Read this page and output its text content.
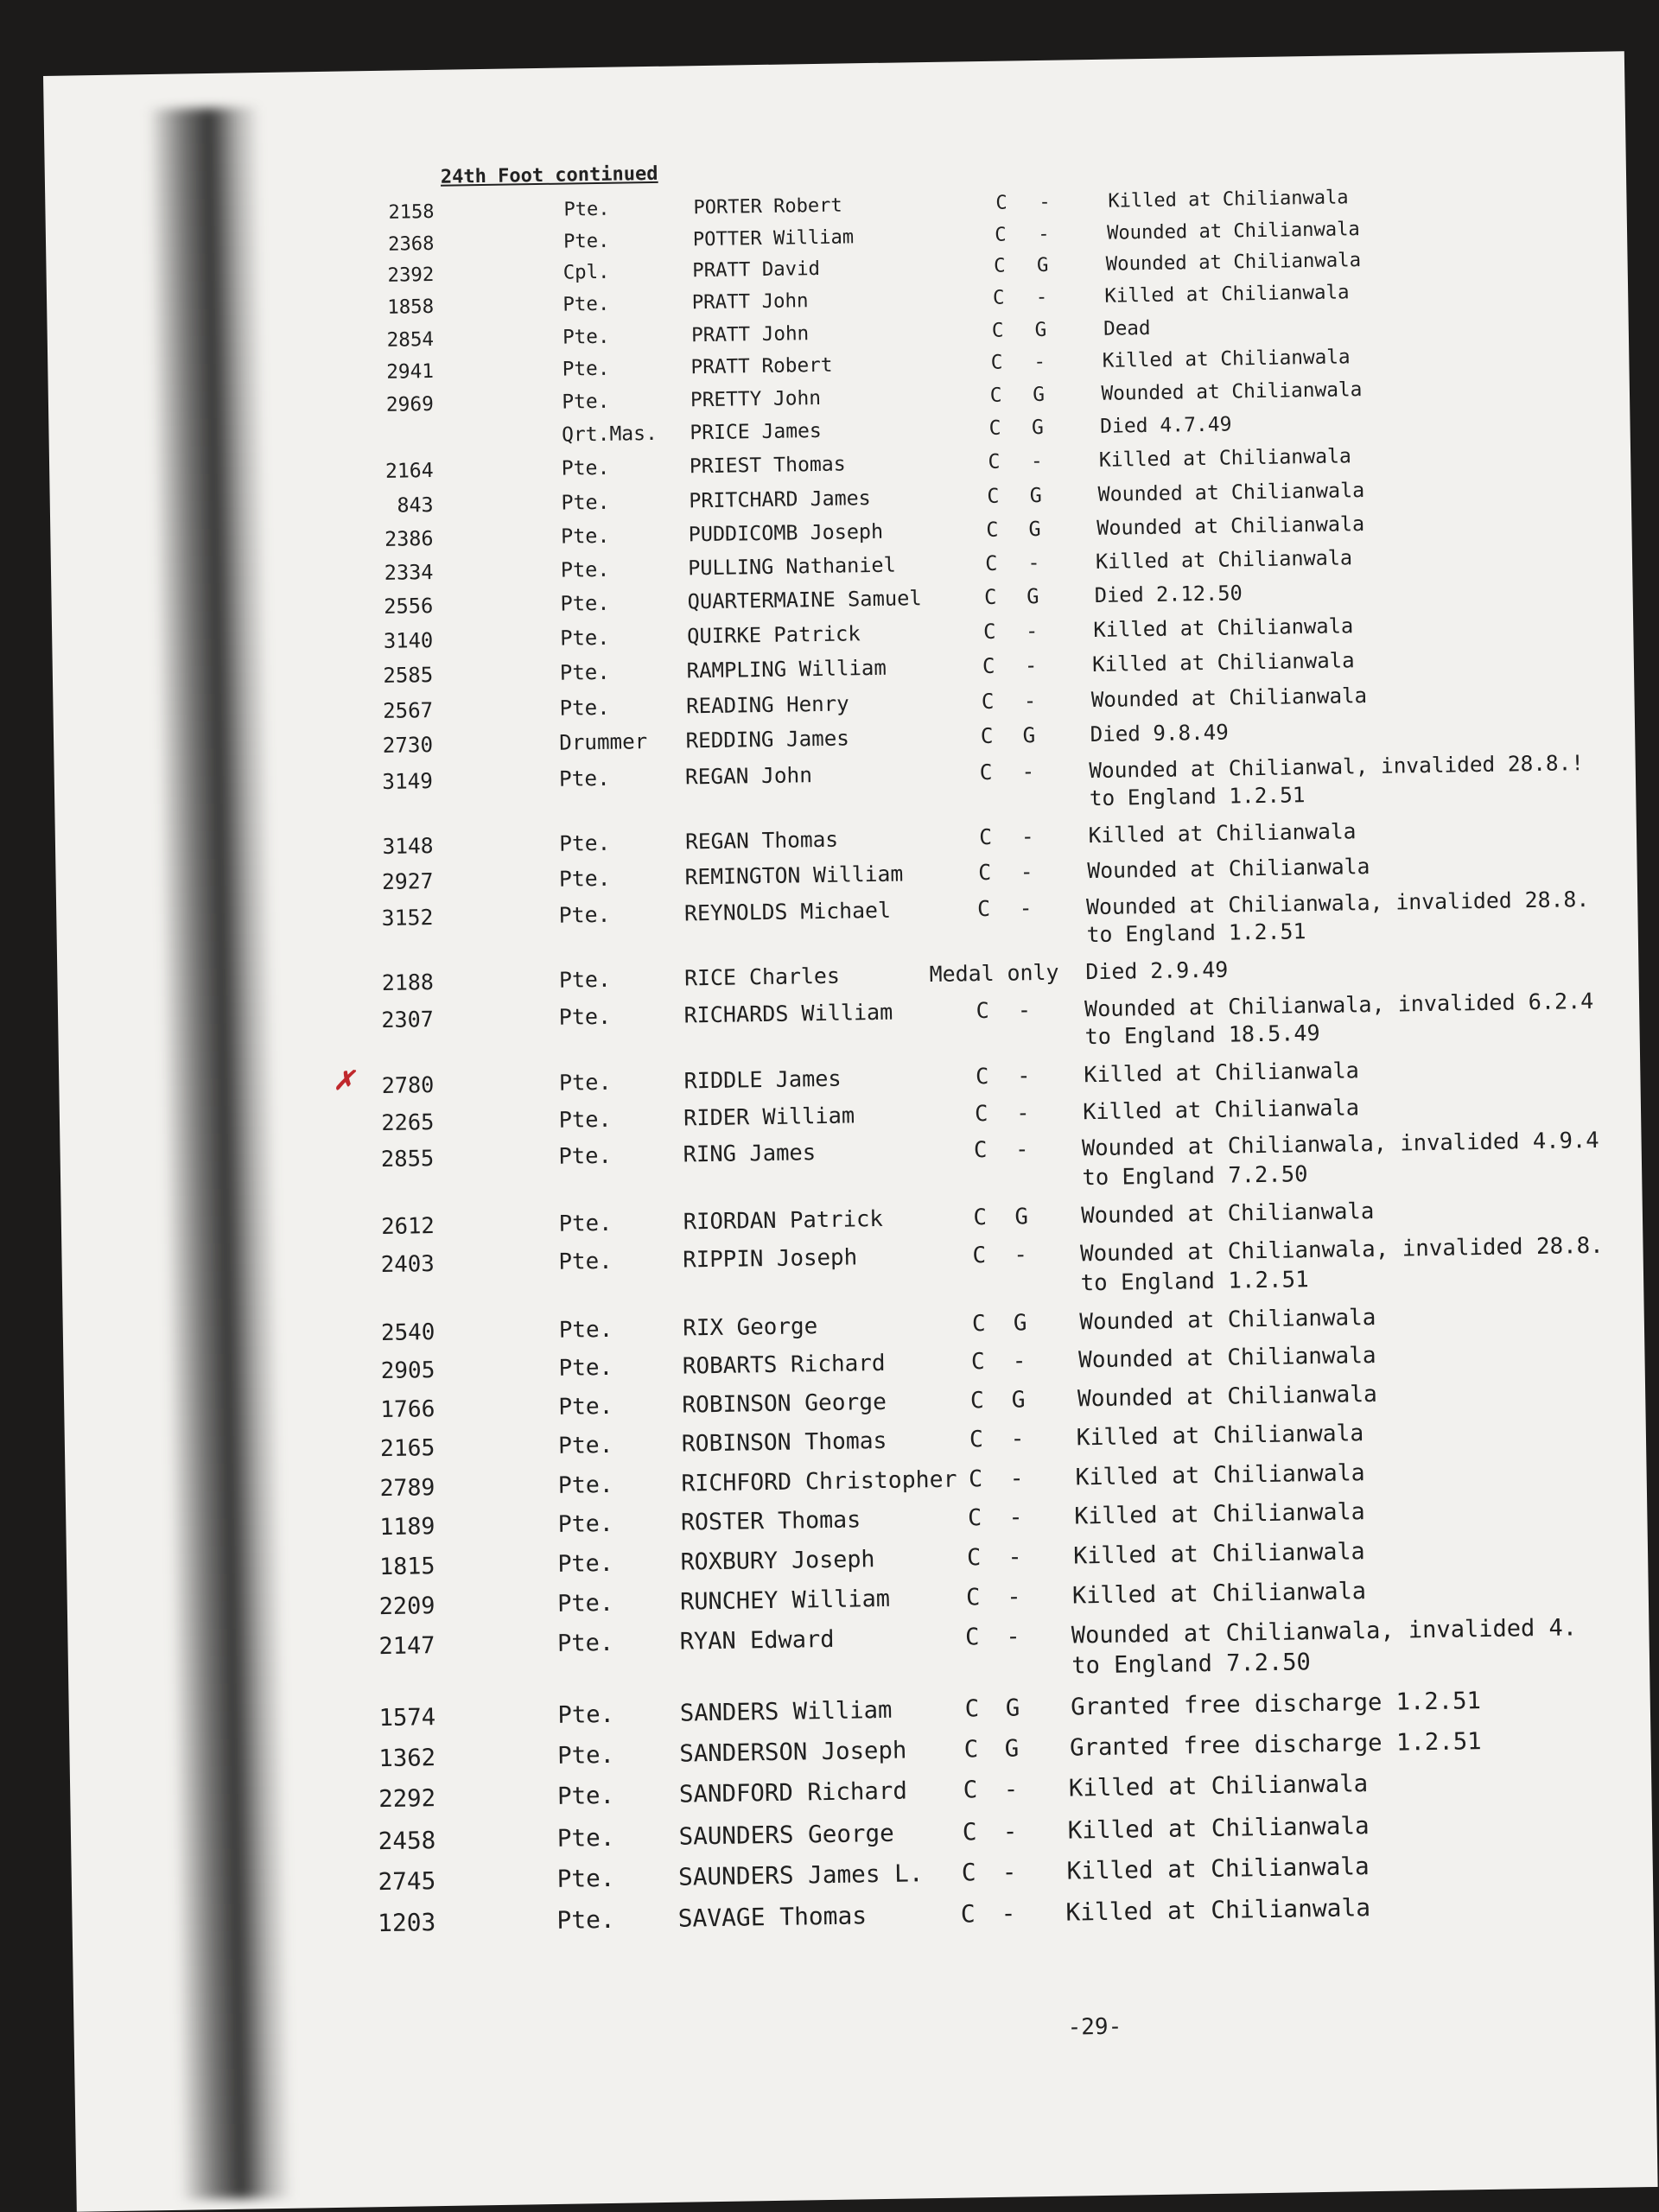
24th Foot continued
2158	Pte.	PORTER Robert	C -	Killed at Chilianwala
2368	Pte.	POTTER William	C -	Wounded at Chilianwala
2392	Cpl.	PRATT David	C G	Wounded at Chilianwala
1858	Pte.	PRATT John	C -	Killed at Chilianwala
2854	Pte.	PRATT John	C G	Dead
2941	Pte.	PRATT Robert	C -	Killed at Chilianwala
2969	Pte.	PRETTY John	C G	Wounded at Chilianwala
Qrt.Mas. PRICE James	C G	Died 4.7.49
2164	Pte.	PRIEST Thomas	C -	Killed at Chilianwala
843	Pte.	PRITCHARD James	C G	Wounded at Chilianwala
2386	Pte.	PUDDICOMB Joseph	C G	Wounded at Chilianwala
2334	Pte.	PULLING Nathaniel	C -	Killed at Chilianwala
2556	Pte.	QUARTERMAINE Samuel	C G	Died 2.12.50
3140	Pte.	QUIRKE Patrick	C -	Killed at Chilianwala
2585	Pte.	RAMPLING William	C -	Killed at Chilianwala
2567	Pte.	READING Henry	C -	Wounded at Chilianwala
2730	Drummer REDDING James	C G	Died 9.8.49
3149	Pte.	REGAN John	C -	Wounded at Chilianwal, invalided 28.8.!
to England 1.2.51
3148	Pte.	REGAN Thomas	C -	Killed at Chilianwala
2927	Pte.	REMINGTON William	C -	Wounded at Chilianwala
3152	Pte.	REYNOLDS Michael	C -	Wounded at Chilianwala, invalided 28.8.
to England 1.2.51
2188	Pte.	RICE Charles	Medal only Died 2.9.49
2307	Pte.	RICHARDS William	C - Wounded at Chilianwala, invalided 6.2.4
to England 18.5.49
2780	Pte.	RIDDLE James	C - Killed at Chilianwala
✗
2265	Pte.	RIDER William	C - Killed at Chilianwala
2855	Pte.	RING James	C - Wounded at Chilianwala, invalided 4.9.4
to England 7.2.50
2612	Pte.	RIORDAN Patrick	C G Wounded at Chilianwala
2403	Pte.	RIPPIN Joseph	C - Wounded at Chilianwala, invalided 28.8.
to England 1.2.51
2540	Pte.	RIX George	C G Wounded at Chilianwala
2905	Pte.	ROBARTS Richard	C - Wounded at Chilianwala
1766	Pte.	ROBINSON George	C G Wounded at Chilianwala
2165	Pte.	ROBINSON Thomas	C - Killed at Chilianwala
2789	Pte.	RICHFORD Christopher C - Killed at Chilianwala
1189	Pte.	ROSTER Thomas	C - Killed at Chilianwala
1815	Pte.	ROXBURY Joseph	C - Killed at Chilianwala
2209	Pte.	RUNCHEY William	C - Killed at Chilianwala
2147	Pte.	RYAN Edward	C - Wounded at Chilianwala, invalided 4.
to England 7.2.50
1574	Pte.	SANDERS William	C G Granted free discharge 1.2.51
1362	Pte.	SANDERSON Joseph C G Granted free discharge 1.2.51
2292	Pte.	SANDFORD Richard C - Killed at Chilianwala
2458	Pte.	SAUNDERS George	C - Killed at Chilianwala
2745	Pte.	SAUNDERS James L. C - Killed at Chilianwala
1203	Pte.	SAVAGE Thomas	C - Killed at Chilianwala
-29-
